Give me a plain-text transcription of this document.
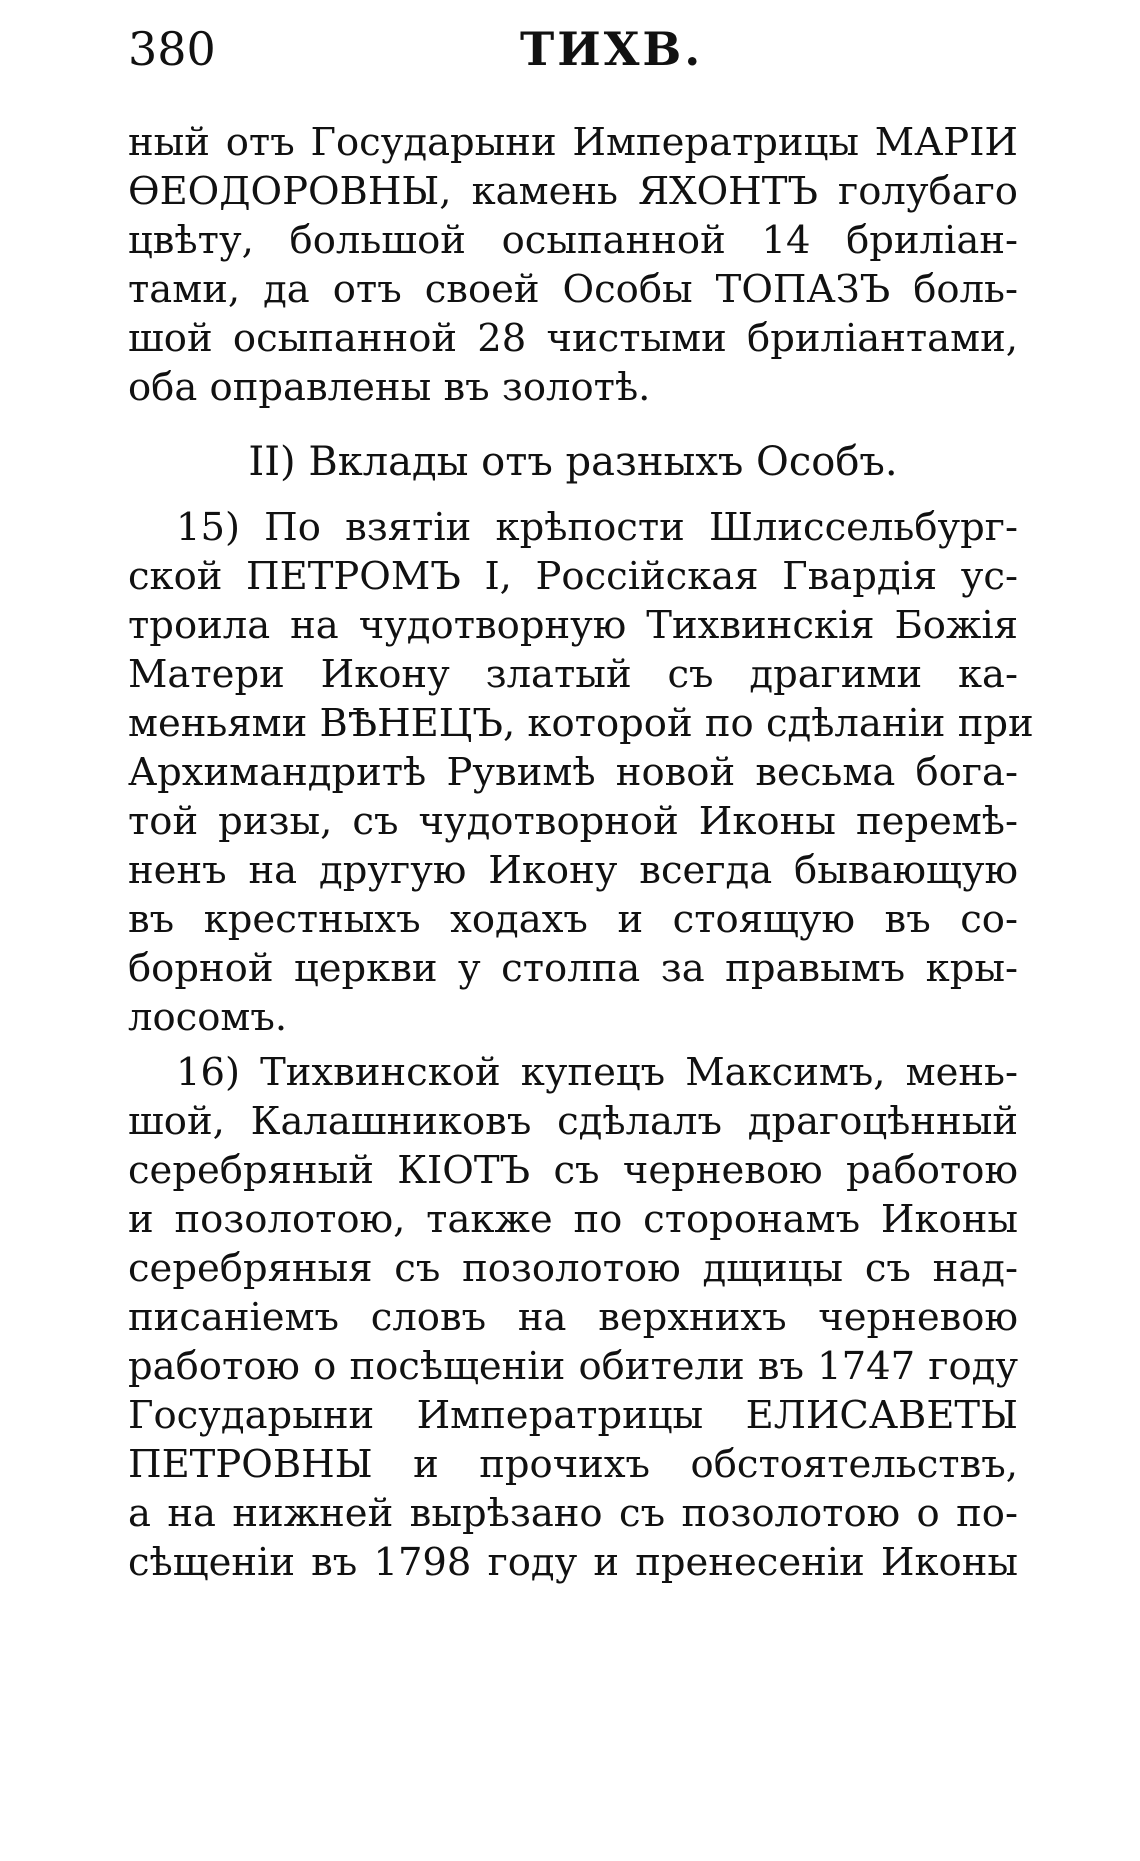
380	ТИХВ.
ный отъ Государыни Императрицы МАРІИ
ѲЕОДОРОВНЫ, камень ЯХОНТЪ голубаго
цвѣту, большой осыпанной 14 брилiан-
тами, да отъ своей Особы ТОПАЗЪ боль-
шой осыпанной 28 чистыми брилiантами,
оба оправлены въ золотѣ.
II) Вклады отъ разныхъ Особъ.
15) По взятiи крѣпости Шлиссельбург-
ской ПЕТРОМЪ I, Россiйская Гвардiя ус-
троила на чудотворную Тихвинскiя Божiя
Матери Икону златый съ драгими ка-
меньями ВѢНЕЦЪ, которой по сдѣланiи при
Архимандритѣ Рувимѣ новой весьма бога-
той ризы, съ чудотворной Иконы перемѣ-
ненъ на другую Икону всегда бывающую
въ крестныхъ ходахъ и стоящую въ со-
борной церкви у столпа за правымъ кры-
лосомъ.
16) Тихвинской купецъ Максимъ, мень-
шой, Калашниковъ сдѣлалъ драгоцѣнный
серебряный КIОТЪ съ черневою работою
и позолотою, также по сторонамъ Иконы
серебряныя съ позолотою дщицы съ над-
писанiемъ словъ на верхнихъ черневою
работою о посѣщенiи обители въ 1747 году
Государыни Императрицы ЕЛИСАВЕТЫ
ПЕТРОВНЫ и прочихъ обстоятельствъ,
а на нижней вырѣзано съ позолотою о по-
сѣщенiи въ 1798 году и пренесенiи Иконы
